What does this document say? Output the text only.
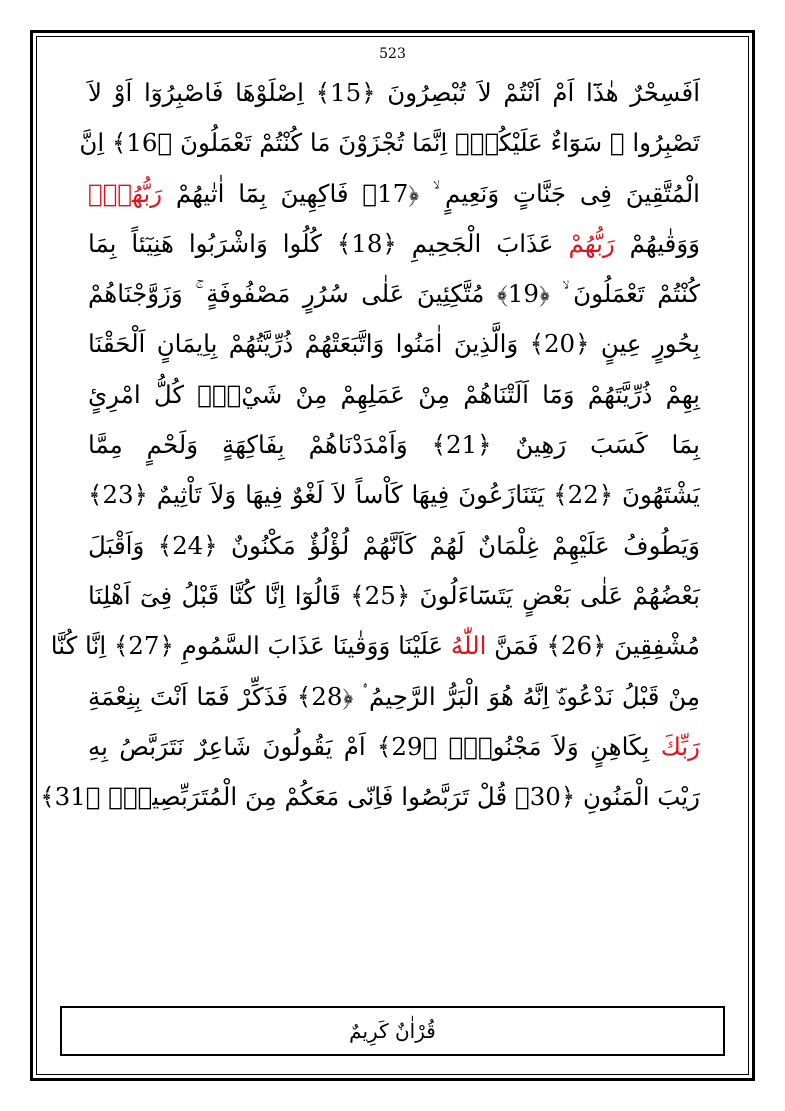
523
اَفَسِحْرٌ هٰذَٓا اَمْ اَنْتُمْ لاَ تُبْصِرُونَ ﴿15﴾ اِصْلَوْهَا فَاصْبِرُوٓا اَوْ لاَ
تَصْبِرُوا ۚ سَوَٓاءٌ عَلَيْكُمْۜ اِنَّمَا تُجْزَوْنَ مَا كُنْتُمْ تَعْمَلُونَ ﴿16﴾ اِنَّ
الْمُتَّقِينَ فِى جَنَّاتٍ وَنَعِيمٍ ۙ ﴿17﴾ فَاكِهِينَ بِمَٓا اٰتٰيهُمْ رَبُّهُمْ
وَوَقٰيهُمْ رَبُّهُمْ عَذَابَ الْجَحِيمِ ﴿18﴾ كُلُوا وَاشْرَبُوا هَنِيٓئاً بِمَا
كُنْتُمْ تَعْمَلُونَ ۙ ﴿19﴾ مُتَّكِئِينَ عَلٰى سُرُرٍ مَصْفُوفَةٍ ۚ وَزَوَّجْنَاهُمْ
بِحُورٍ عِينٍ ﴿20﴾ وَالَّذِينَ اٰمَنُوا وَاتَّبَعَتْهُمْ ذُرِّيَّتُهُمْ بِاِيمَانٍ اَلْحَقْنَا
بِهِمْ ذُرِّيَّتَهُمْ وَمَٓا اَلَتْنَاهُمْ مِنْ عَمَلِهِمْ مِنْ شَيْءٍۜ كُلُّ امْرِئٍ
بِمَا كَسَبَ رَهِينٌ ﴿21﴾ وَاَمْدَدْنَاهُمْ بِفَاكِهَةٍ وَلَحْمٍ مِمَّا
يَشْتَهُونَ ﴿22﴾ يَتَنَازَعُونَ فِيهَا كَاْساً لاَ لَغْوٌ فِيهَا وَلاَ تَاْثِيمٌ ﴿23﴾
وَيَطُوفُ عَلَيْهِمْ غِلْمَانٌ لَهُمْ كَاَنَّهُمْ لُؤْلُؤٌ مَكْنُونٌ ﴿24﴾ وَاَقْبَلَ
بَعْضُهُمْ عَلٰى بَعْضٍ يَتَسَٓاءَلُونَ ﴿25﴾ قَالُوٓا اِنَّا كُنَّا قَبْلُ فِىٓ اَهْلِنَا
مُشْفِقِينَ ﴿26﴾ فَمَنَّ اللّٰهُ عَلَيْنَا وَوَقٰينَا عَذَابَ السَّمُومِ ﴿27﴾ اِنَّا كُنَّا
مِنْ قَبْلُ نَدْعُوهُۜ اِنَّهُ هُوَ الْبَرُّ الرَّحِيمُ ۟ ﴿28﴾ فَذَكِّرْ فَمَٓا اَنْتَ بِنِعْمَةِ
رَبِّكَ بِكَاهِنٍ وَلاَ مَجْنُونٍۜ ﴿29﴾ اَمْ يَقُولُونَ شَاعِرٌ نَتَرَبَّصُ بِهِ
رَيْبَ الْمَنُونِ ﴿30﴾ قُلْ تَرَبَّصُوا فَاِنّى مَعَكُمْ مِنَ الْمُتَرَبِّصِينَۜ ﴿31﴾
قُرْاٰنٌ كَرِيمٌ
